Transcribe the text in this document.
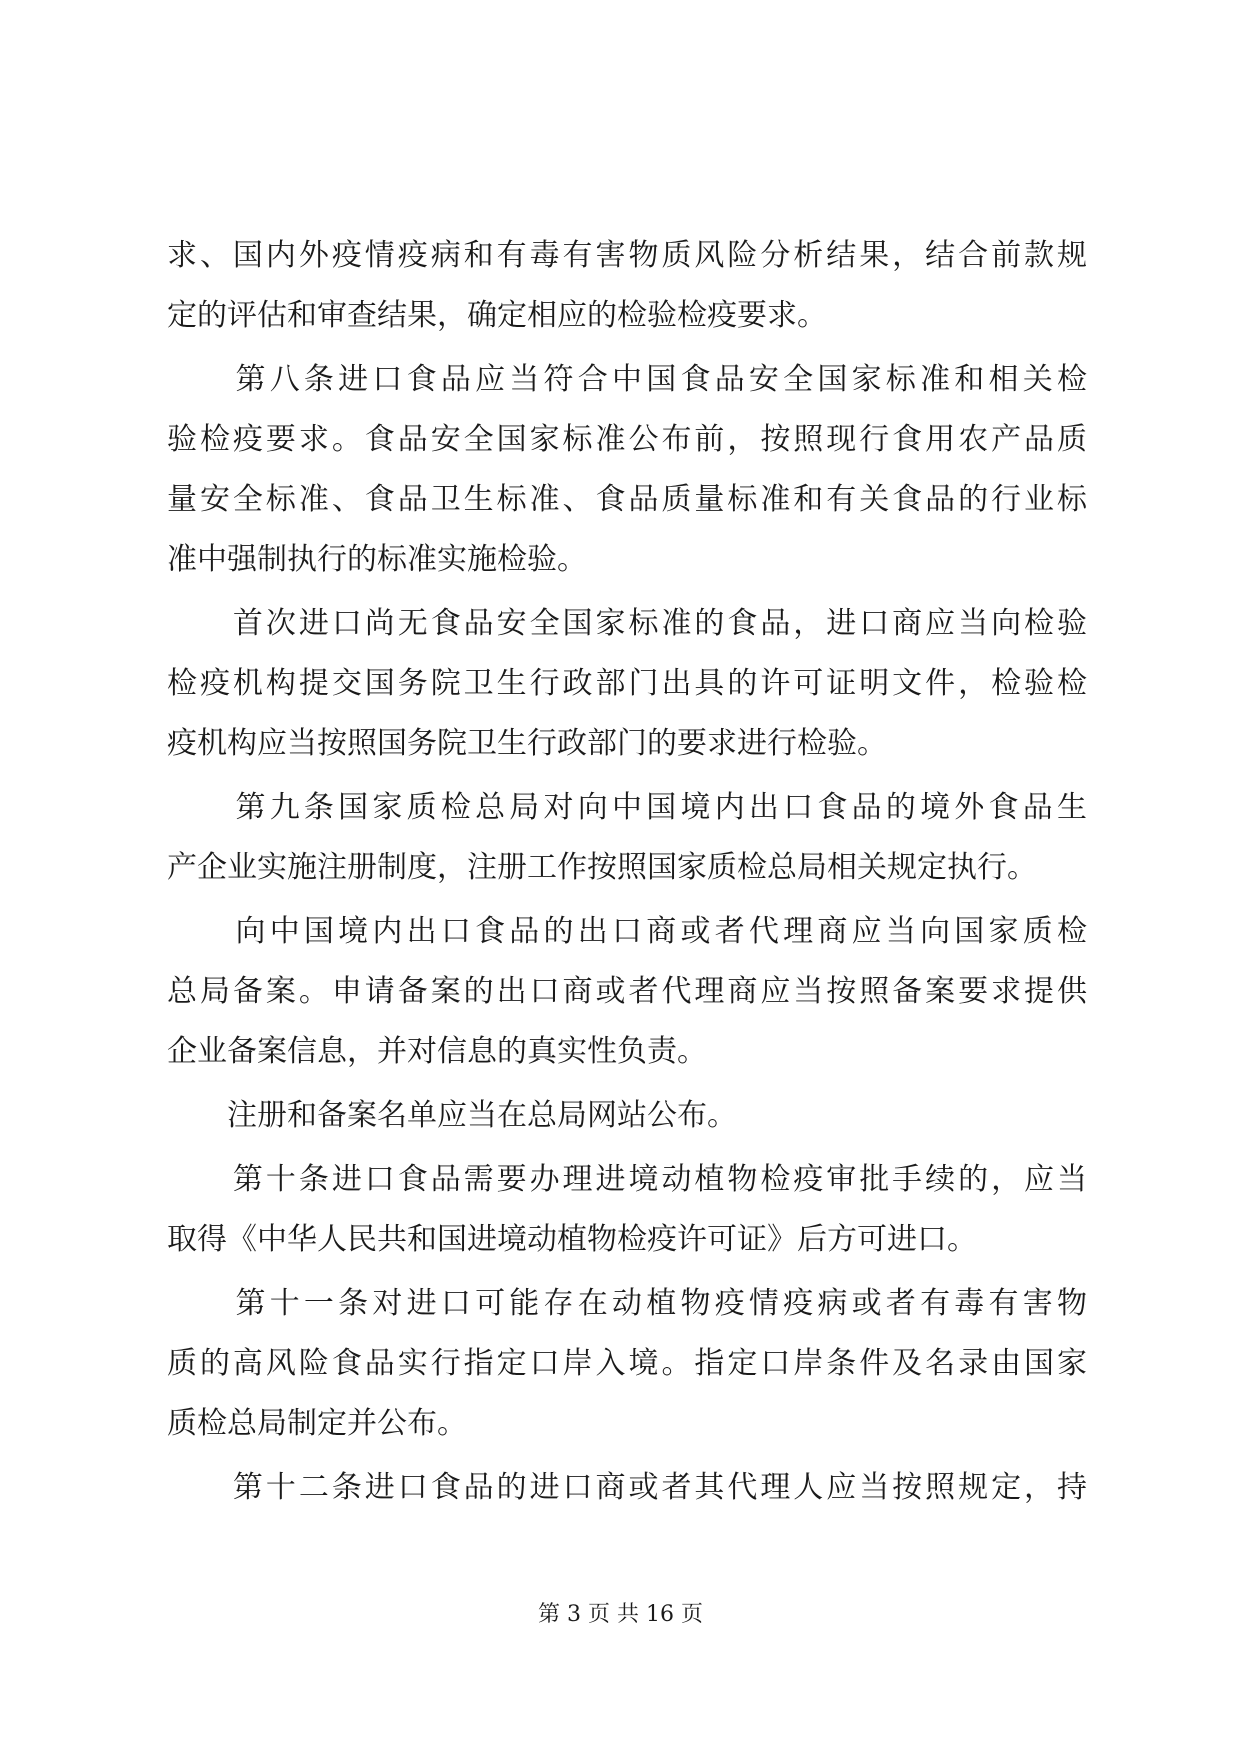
求、国内外疫情疫病和有毒有害物质风险分析结果，结合前款规
定的评估和审查结果，确定相应的检验检疫要求。
　　第八条进口食品应当符合中国食品安全国家标准和相关检
验检疫要求。食品安全国家标准公布前，按照现行食用农产品质
量安全标准、食品卫生标准、食品质量标准和有关食品的行业标
准中强制执行的标准实施检验。
　　首次进口尚无食品安全国家标准的食品，进口商应当向检验
检疫机构提交国务院卫生行政部门出具的许可证明文件，检验检
疫机构应当按照国务院卫生行政部门的要求进行检验。
　　第九条国家质检总局对向中国境内出口食品的境外食品生
产企业实施注册制度，注册工作按照国家质检总局相关规定执行。
　　向中国境内出口食品的出口商或者代理商应当向国家质检
总局备案。申请备案的出口商或者代理商应当按照备案要求提供
企业备案信息，并对信息的真实性负责。
　　注册和备案名单应当在总局网站公布。
　　第十条进口食品需要办理进境动植物检疫审批手续的，应当
取得《中华人民共和国进境动植物检疫许可证》后方可进口。
　　第十一条对进口可能存在动植物疫情疫病或者有毒有害物
质的高风险食品实行指定口岸入境。指定口岸条件及名录由国家
质检总局制定并公布。
　　第十二条进口食品的进口商或者其代理人应当按照规定，持
第 3 页 共 16 页
